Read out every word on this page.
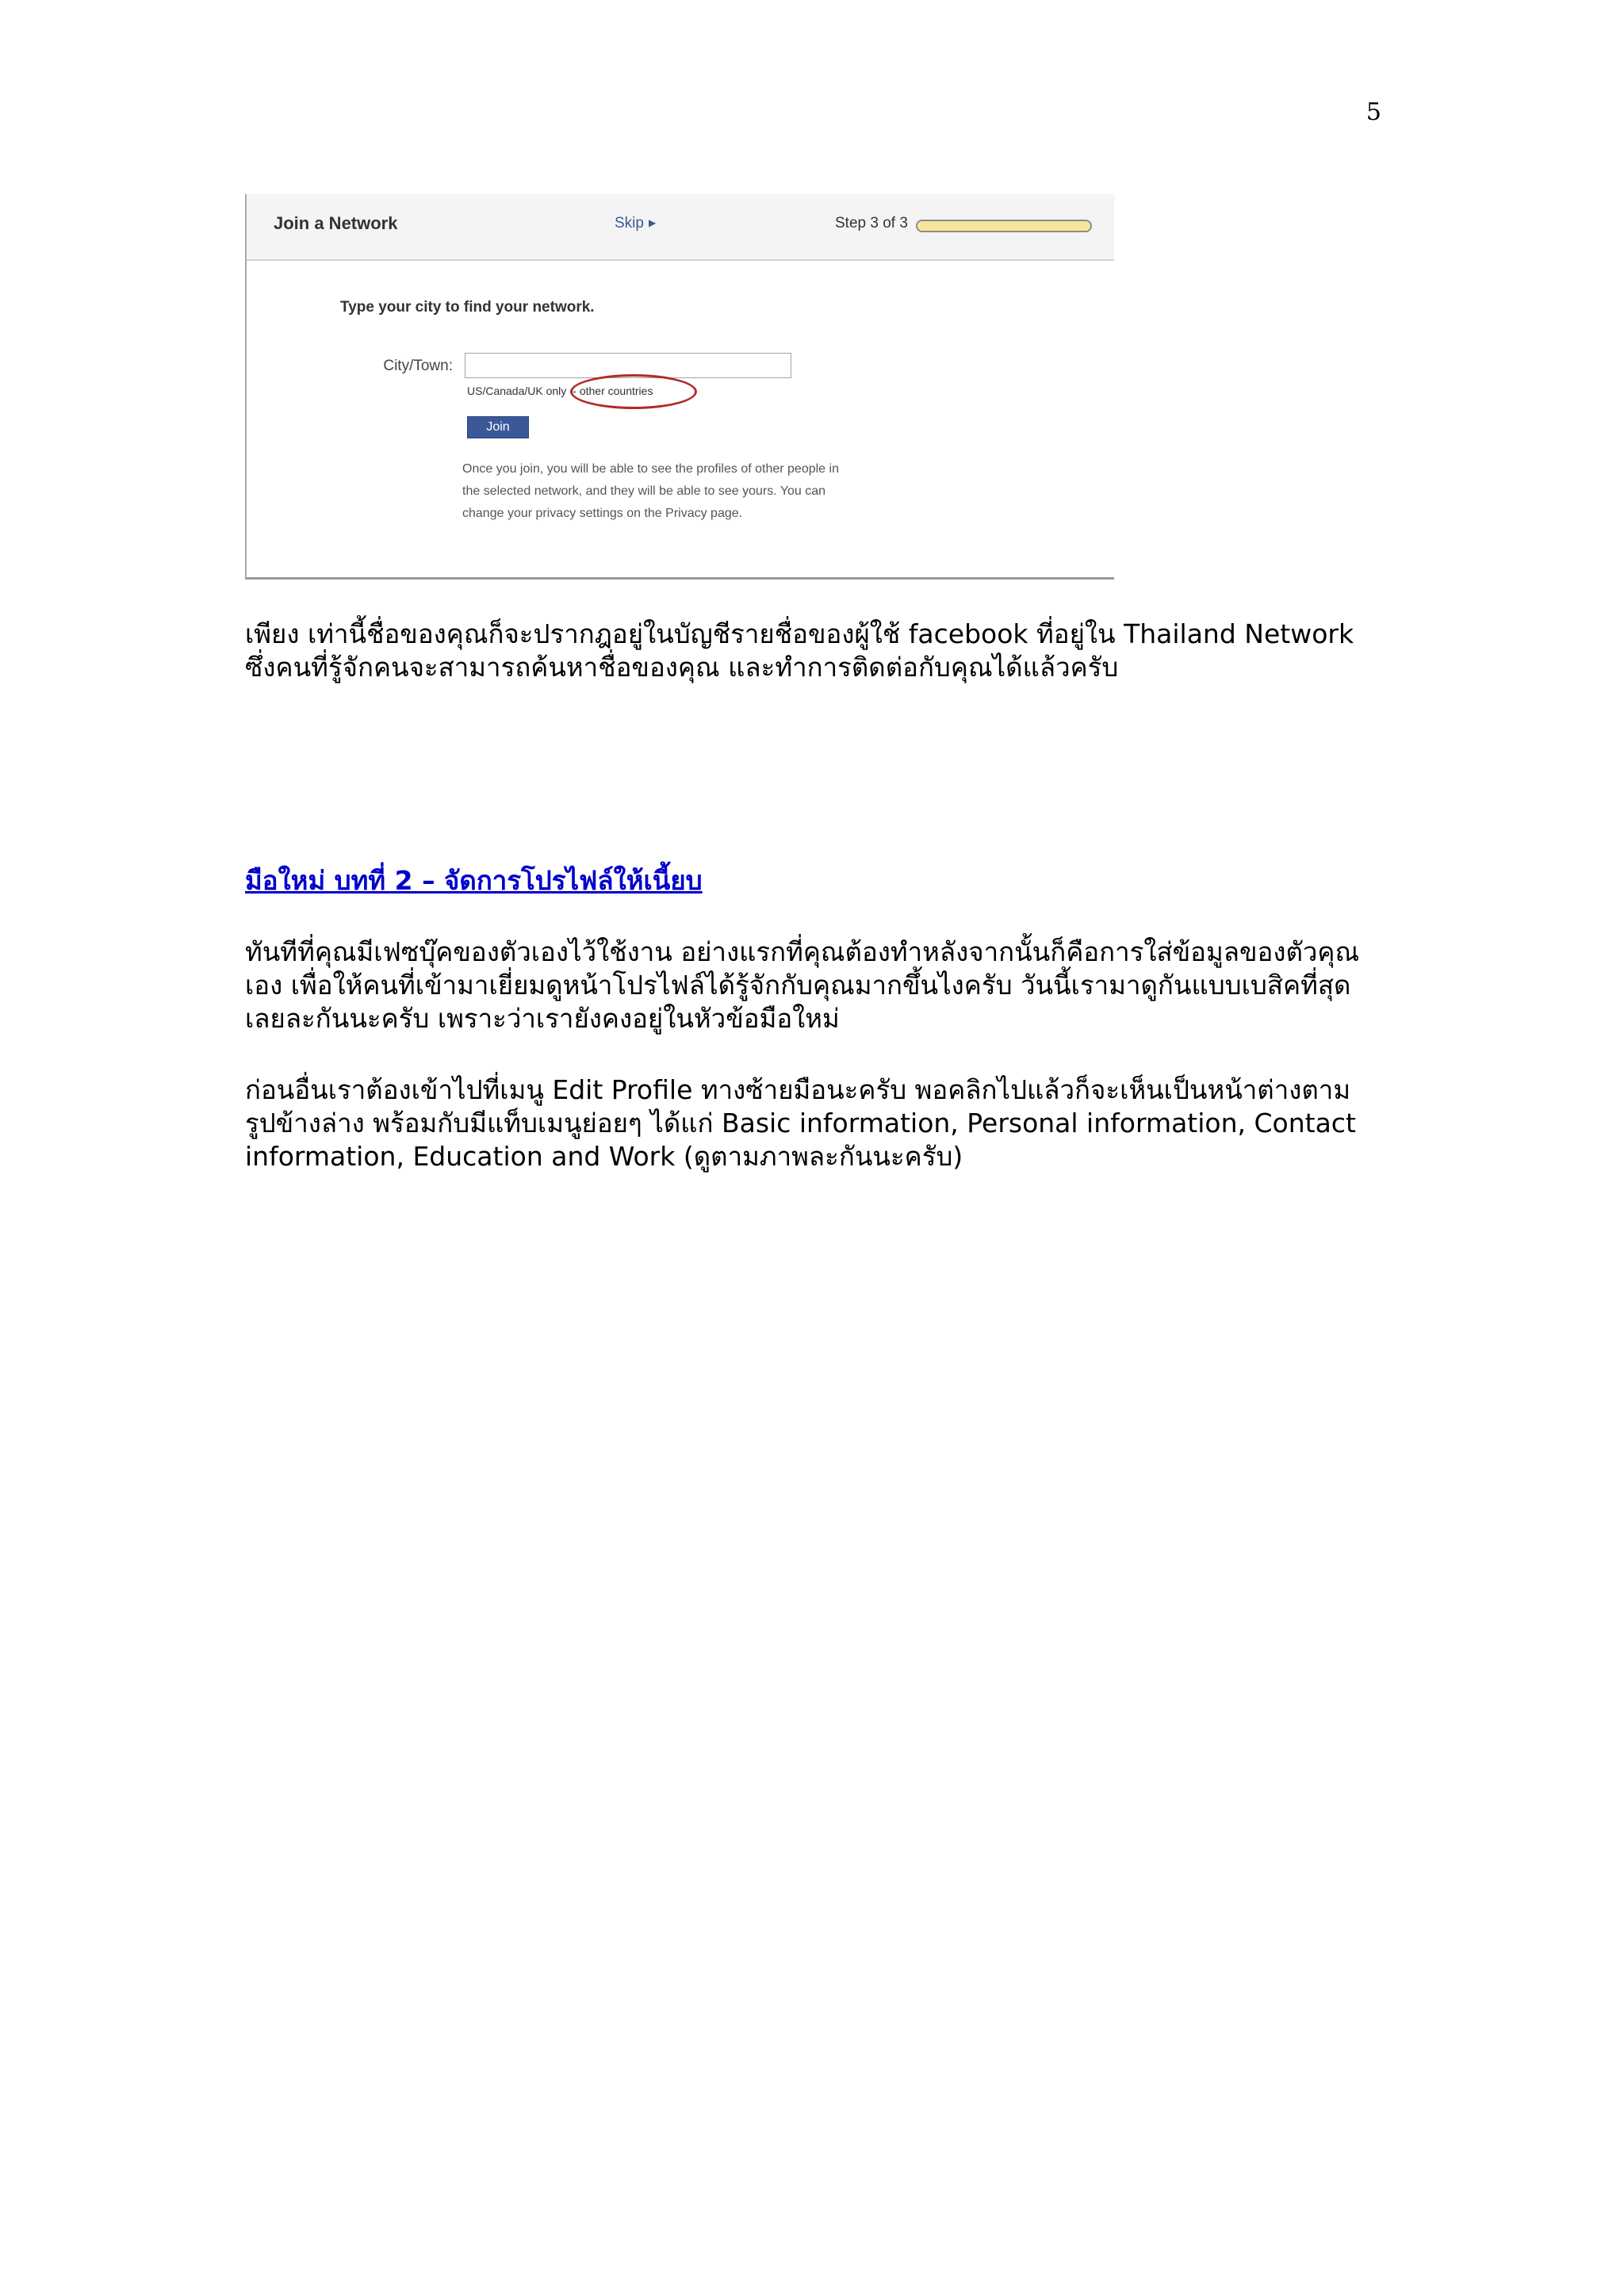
5
Join a Network	Skip ▶	Step 3 of 3
Type your city to find your network.
City/Town:
US/Canada/UK only - other countries
Join
Once you join, you will be able to see the profiles of other people in the selected network, and they will be able to see yours. You can change your privacy settings on the Privacy page.

เพียง เท่านี้ชื่อของคุณก็จะปรากฎอยู่ในบัญชีรายชื่อของผู้ใช้ facebook ที่อยู่ใน Thailand Network ซึ่งคนที่รู้จักคนจะสามารถค้นหาชื่อของคุณ และทำการติดต่อกับคุณได้แล้วครับ

มือใหม่ บทที่ 2 – จัดการโปรไฟล์ให้เนี้ยบ

ทันทีที่คุณมีเฟซบุ๊คของตัวเองไว้ใช้งาน อย่างแรกที่คุณต้องทำหลังจากนั้นก็คือการใส่ข้อมูลของตัวคุณเอง เพื่อให้คนที่เข้ามาเยี่ยมดูหน้าโปรไฟล์ได้รู้จักกับคุณมากขึ้นไงครับ วันนี้เรามาดูกันแบบเบสิคที่สุดเลยละกันนะครับ เพราะว่าเรายังคงอยู่ในหัวข้อมือใหม่

ก่อนอื่นเราต้องเข้าไปที่เมนู Edit Profile ทางซ้ายมือนะครับ พอคลิกไปแล้วก็จะเห็นเป็นหน้าต่างตามรูปข้างล่าง พร้อมกับมีแท็บเมนูย่อยๆ ได้แก่ Basic information, Personal information, Contact information, Education and Work (ดูตามภาพละกันนะครับ)
